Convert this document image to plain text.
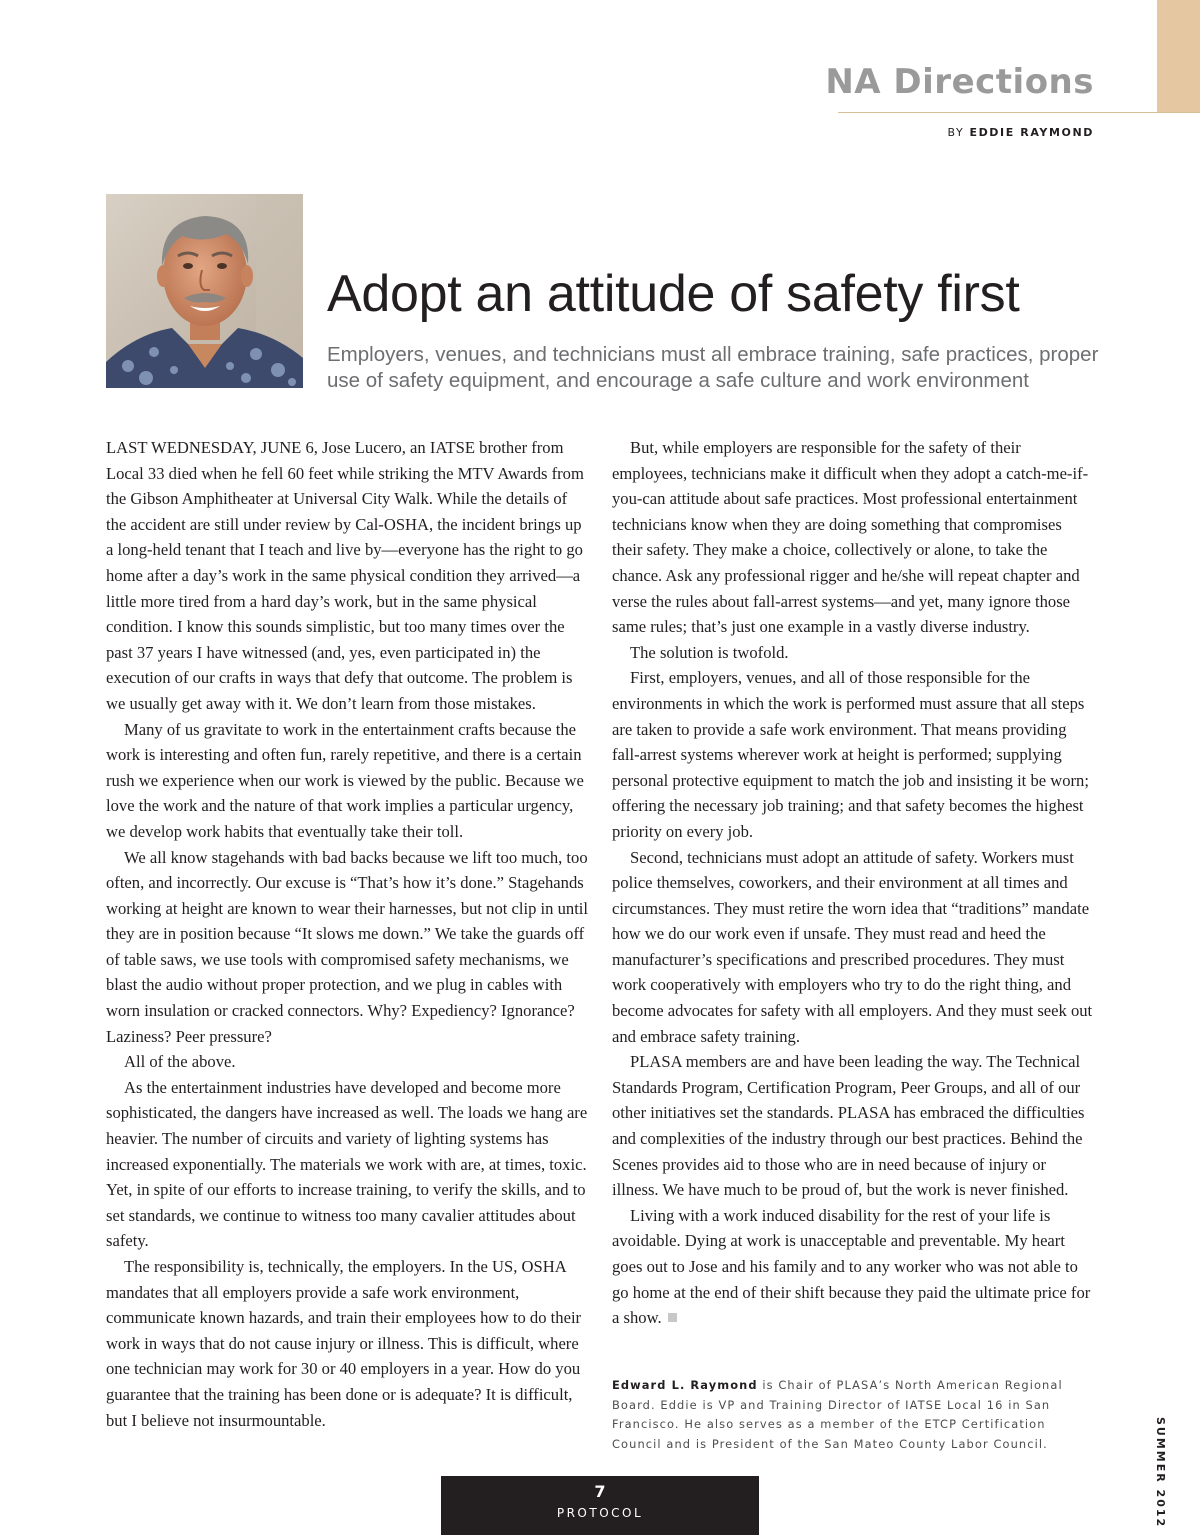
NA Directions
BY EDDIE RAYMOND
Adopt an attitude of safety first

Employers, venues, and technicians must all embrace training, safe practices, proper use of safety equipment, and encourage a safe culture and work environment

LAST WEDNESDAY, JUNE 6, Jose Lucero, an IATSE brother from Local 33 died when he fell 60 feet while striking the MTV Awards from the Gibson Amphitheater at Universal City Walk. While the details of the accident are still under review by Cal-OSHA, the incident brings up a long-held tenant that I teach and live by—everyone has the right to go home after a day’s work in the same physical condition they arrived—a little more tired from a hard day’s work, but in the same physical condition. I know this sounds simplistic, but too many times over the past 37 years I have witnessed (and, yes, even participated in) the execution of our crafts in ways that defy that outcome. The problem is we usually get away with it. We don’t learn from those mistakes.

Many of us gravitate to work in the entertainment crafts because the work is interesting and often fun, rarely repetitive, and there is a certain rush we experience when our work is viewed by the public. Because we love the work and the nature of that work implies a particular urgency, we develop work habits that eventually take their toll.

We all know stagehands with bad backs because we lift too much, too often, and incorrectly. Our excuse is “That’s how it’s done.” Stagehands working at height are known to wear their harnesses, but not clip in until they are in position because “It slows me down.” We take the guards off of table saws, we use tools with compromised safety mechanisms, we blast the audio without proper protection, and we plug in cables with worn insulation or cracked connectors. Why? Expediency? Ignorance? Laziness? Peer pressure?

All of the above.

As the entertainment industries have developed and become more sophisticated, the dangers have increased as well. The loads we hang are heavier. The number of circuits and variety of lighting systems has increased exponentially. The materials we work with are, at times, toxic. Yet, in spite of our efforts to increase training, to verify the skills, and to set standards, we continue to witness too many cavalier attitudes about safety.

The responsibility is, technically, the employers. In the US, OSHA mandates that all employers provide a safe work environment, communicate known hazards, and train their employees how to do their work in ways that do not cause injury or illness. This is difficult, where one technician may work for 30 or 40 employers in a year. How do you guarantee that the training has been done or is adequate? It is difficult, but I believe not insurmountable.

But, while employers are responsible for the safety of their employees, technicians make it difficult when they adopt a catch-me-if-you-can attitude about safe practices. Most professional entertainment technicians know when they are doing something that compromises their safety. They make a choice, collectively or alone, to take the chance. Ask any professional rigger and he/she will repeat chapter and verse the rules about fall-arrest systems—and yet, many ignore those same rules; that’s just one example in a vastly diverse industry.

The solution is twofold.

First, employers, venues, and all of those responsible for the environments in which the work is performed must assure that all steps are taken to provide a safe work environment. That means providing fall-arrest systems wherever work at height is performed; supplying personal protective equipment to match the job and insisting it be worn; offering the necessary job training; and that safety becomes the highest priority on every job.

Second, technicians must adopt an attitude of safety. Workers must police themselves, coworkers, and their environment at all times and circumstances. They must retire the worn idea that “traditions” mandate how we do our work even if unsafe. They must read and heed the manufacturer’s specifications and prescribed procedures. They must work cooperatively with employers who try to do the right thing, and become advocates for safety with all employers. And they must seek out and embrace safety training.

PLASA members are and have been leading the way. The Technical Standards Program, Certification Program, Peer Groups, and all of our other initiatives set the standards. PLASA has embraced the difficulties and complexities of the industry through our best practices. Behind the Scenes provides aid to those who are in need because of injury or illness. We have much to be proud of, but the work is never finished.

Living with a work induced disability for the rest of your life is avoidable. Dying at work is unacceptable and preventable. My heart goes out to Jose and his family and to any worker who was not able to go home at the end of their shift because they paid the ultimate price for a show.

Edward L. Raymond is Chair of PLASA’s North American Regional Board. Eddie is VP and Training Director of IATSE Local 16 in San Francisco. He also serves as a member of the ETCP Certification Council and is President of the San Mateo County Labor Council.

7
PROTOCOL	SUMMER 2012
